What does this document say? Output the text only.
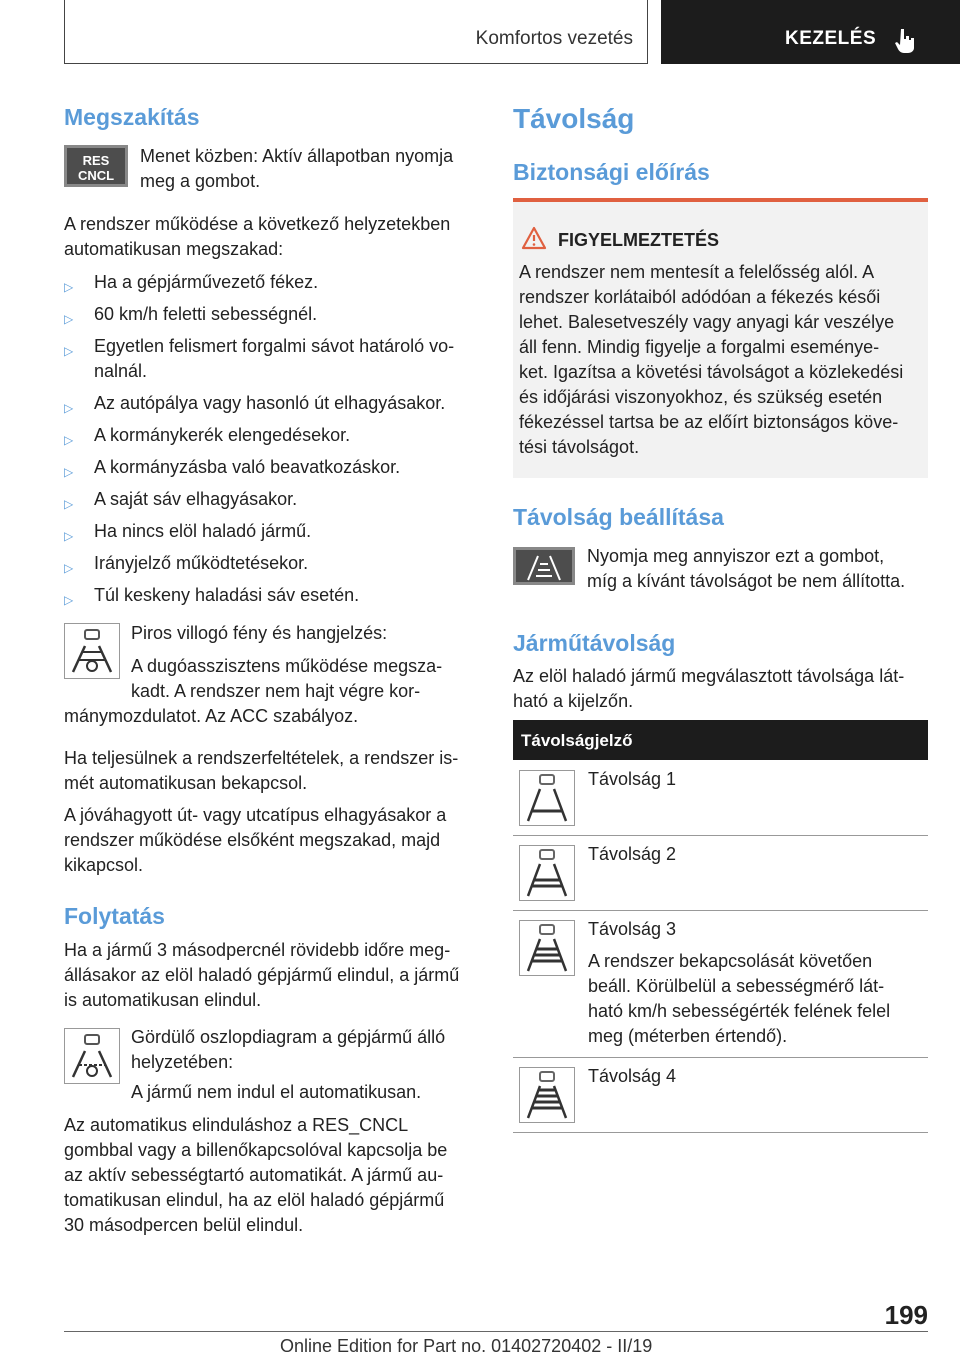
Komfortos vezetés	KEZELÉS
Megszakítás
RES
CNCL
Menet közben: Aktív állapotban nyomja
meg a gombot.
A rendszer működése a következő helyzetekben
automatikusan megszakad:
▷ Ha a gépjárművezető fékez.
▷ 60 km/h feletti sebességnél.
▷ Egyetlen felismert forgalmi sávot határoló vo-
nalnál.
▷ Az autópálya vagy hasonló út elhagyásakor.
▷ A kormánykerék elengedésekor.
▷ A kormányzásba való beavatkozáskor.
▷ A saját sáv elhagyásakor.
▷ Ha nincs elöl haladó jármű.
▷ Irányjelző működtetésekor.
▷ Túl keskeny haladási sáv esetén.
Piros villogó fény és hangjelzés:
A dugóasszisztens működése megsza-
kadt. A rendszer nem hajt végre kor-
mánymozdulatot. Az ACC szabályoz.
Ha teljesülnek a rendszerfeltételek, a rendszer is-
mét automatikusan bekapcsol.
A jóváhagyott út- vagy utcatípus elhagyásakor a
rendszer működése elsőként megszakad, majd
kikapcsol.
Folytatás
Ha a jármű 3 másodpercnél rövidebb időre meg-
állásakor az elöl haladó gépjármű elindul, a jármű
is automatikusan elindul.
Gördülő oszlopdiagram a gépjármű álló
helyzetében:
A jármű nem indul el automatikusan.
Az automatikus elinduláshoz a RES_CNCL
gombbal vagy a billenőkapcsolóval kapcsolja be
az aktív sebességtartó automatikát. A jármű au-
tomatikusan elindul, ha az elöl haladó gépjármű
30 másodpercen belül elindul.
Távolság
Biztonsági előírás
FIGYELMEZTETÉS
A rendszer nem mentesít a felelősség alól. A
rendszer korlátaiból adódóan a fékezés késői
lehet. Balesetveszély vagy anyagi kár veszélye
áll fenn. Mindig figyelje a forgalmi eseménye-
ket. Igazítsa a követési távolságot a közlekedési
és időjárási viszonyokhoz, és szükség esetén
fékezéssel tartsa be az előírt biztonságos köve-
tési távolságot.
Távolság beállítása
Nyomja meg annyiszor ezt a gombot,
míg a kívánt távolságot be nem állította.
Járműtávolság
Az elöl haladó jármű megválasztott távolsága lát-
ható a kijelzőn.
Távolságjelző
Távolság 1
Távolság 2
Távolság 3
A rendszer bekapcsolását követően
beáll. Körülbelül a sebességmérő lát-
ható km/h sebességérték felének felel
meg (méterben értendő).
Távolság 4
199
Online Edition for Part no. 01402720402 - II/19
